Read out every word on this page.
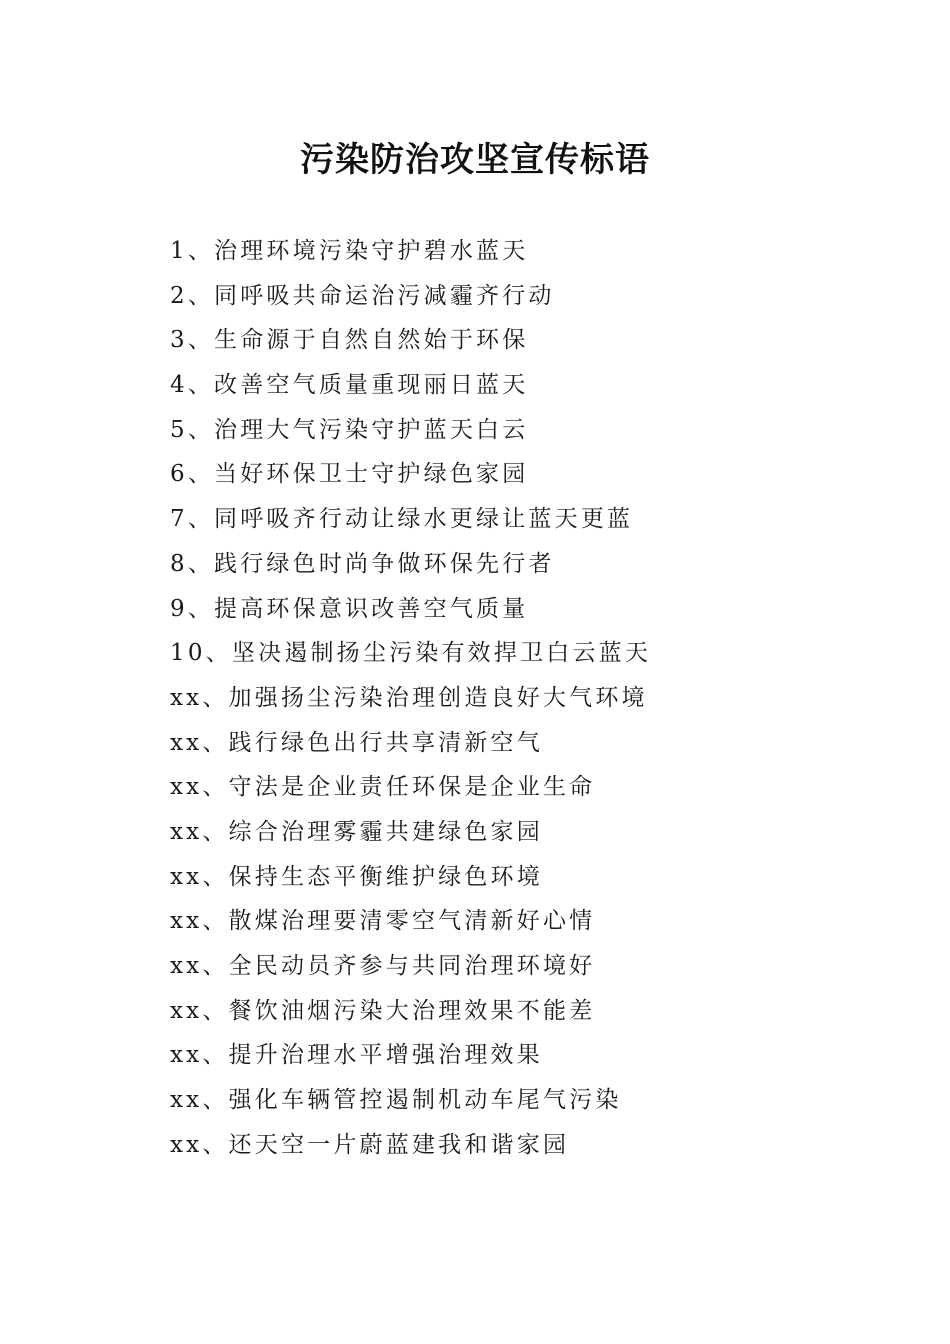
污染防治攻坚宣传标语
1、治理环境污染守护碧水蓝天
2、同呼吸共命运治污减霾齐行动
3、生命源于自然自然始于环保
4、改善空气质量重现丽日蓝天
5、治理大气污染守护蓝天白云
6、当好环保卫士守护绿色家园
7、同呼吸齐行动让绿水更绿让蓝天更蓝
8、践行绿色时尚争做环保先行者
9、提高环保意识改善空气质量
10、坚决遏制扬尘污染有效捍卫白云蓝天
xx、加强扬尘污染治理创造良好大气环境
xx、践行绿色出行共享清新空气
xx、守法是企业责任环保是企业生命
xx、综合治理雾霾共建绿色家园
xx、保持生态平衡维护绿色环境
xx、散煤治理要清零空气清新好心情
xx、全民动员齐参与共同治理环境好
xx、餐饮油烟污染大治理效果不能差
xx、提升治理水平增强治理效果
xx、强化车辆管控遏制机动车尾气污染
xx、还天空一片蔚蓝建我和谐家园
